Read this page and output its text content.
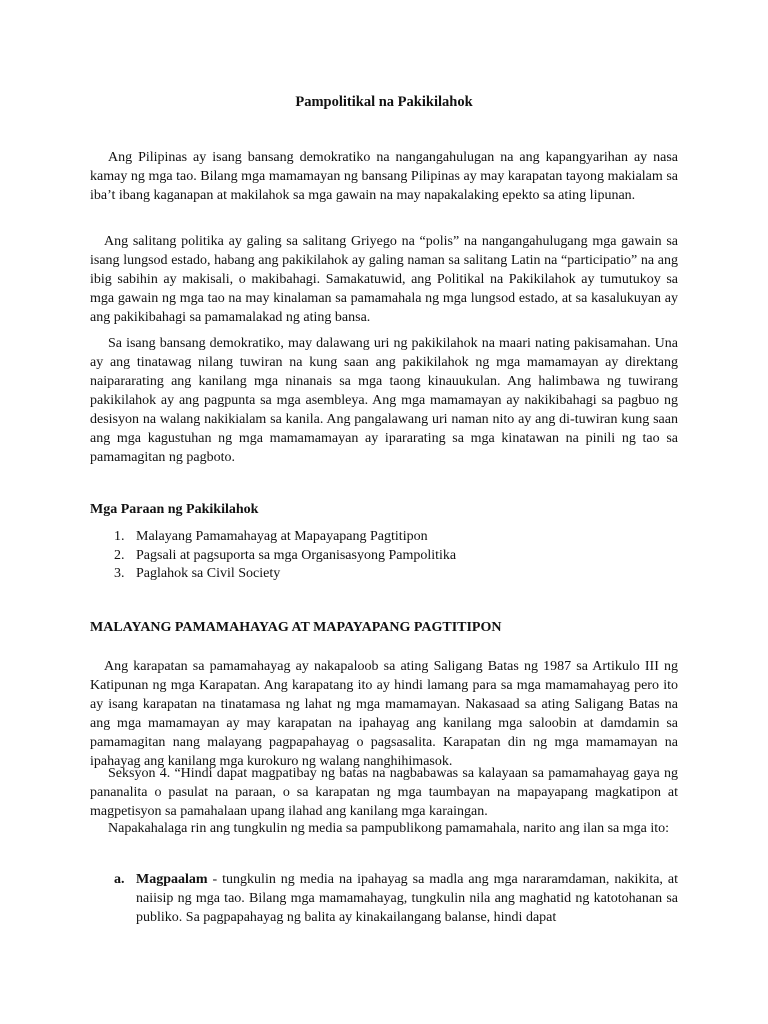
Pampolitikal na Pakikilahok

Ang Pilipinas ay isang bansang demokratiko na nangangahulugan na ang kapangyarihan ay nasa kamay ng mga tao. Bilang mga mamamayan ng bansang Pilipinas ay may karapatan tayong makialam sa iba’t ibang kaganapan at makilahok sa mga gawain na may napakalaking epekto sa ating lipunan.

Ang salitang politika ay galing sa salitang Griyego na “polis” na nangangahulugang mga gawain sa isang lungsod estado, habang ang pakikilahok ay galing naman sa salitang Latin na “participatio” na ang ibig sabihin ay makisali, o makibahagi. Samakatuwid, ang Politikal na Pakikilahok ay tumutukoy sa mga gawain ng mga tao na may kinalaman sa pamamahala ng mga lungsod estado, at sa kasalukuyan ay ang pakikibahagi sa pamamalakad ng ating bansa.

Sa isang bansang demokratiko, may dalawang uri ng pakikilahok na maari nating pakisamahan. Una ay ang tinatawag nilang tuwiran na kung saan ang pakikilahok ng mga mamamayan ay direktang naipararating ang kanilang mga ninanais sa mga taong kinauukulan. Ang halimbawa ng tuwirang pakikilahok ay ang pagpunta sa mga asembleya. Ang mga mamamayan ay nakikibahagi sa pagbuo ng desisyon na walang nakikialam sa kanila. Ang pangalawang uri naman nito ay ang di-tuwiran kung saan ang mga kagustuhan ng mga mamamamayan ay ipararating sa mga kinatawan na pinili ng tao sa pamamagitan ng pagboto.

Mga Paraan ng Pakikilahok
1. Malayang Pamamahayag at Mapayapang Pagtitipon
2. Pagsali at pagsuporta sa mga Organisasyong Pampolitika
3. Paglahok sa Civil Society
MALAYANG PAMAMAHAYAG AT MAPAYAPANG PAGTITIPON

Ang karapatan sa pamamahayag ay nakapaloob sa ating Saligang Batas ng 1987 sa Artikulo III ng Katipunan ng mga Karapatan. Ang karapatang ito ay hindi lamang para sa mga mamamahayag pero ito ay isang karapatan na tinatamasa ng lahat ng mga mamamayan. Nakasaad sa ating Saligang Batas na ang mga mamamayan ay may karapatan na ipahayag ang kanilang mga saloobin at damdamin sa pamamagitan nang malayang pagpapahayag o pagsasalita. Karapatan din ng mga mamamayan na ipahayag ang kanilang mga kurokuro ng walang nanghihimasok.

Seksyon 4. “Hindi dapat magpatibay ng batas na nagbabawas sa kalayaan sa pamamahayag gaya ng pananalita o pasulat na paraan, o sa karapatan ng mga taumbayan na mapayapang magkatipon at magpetisyon sa pamahalaan upang ilahad ang kanilang mga karaingan.

Napakahalaga rin ang tungkulin ng media sa pampublikong pamamahala, narito ang ilan sa mga ito:

a. Magpaalam - tungkulin ng media na ipahayag sa madla ang mga nararamdaman, nakikita, at naiisip ng mga tao. Bilang mga mamamahayag, tungkulin nila ang maghatid ng katotohanan sa publiko. Sa pagpapahayag ng balita ay kinakailangang balanse, hindi dapat
